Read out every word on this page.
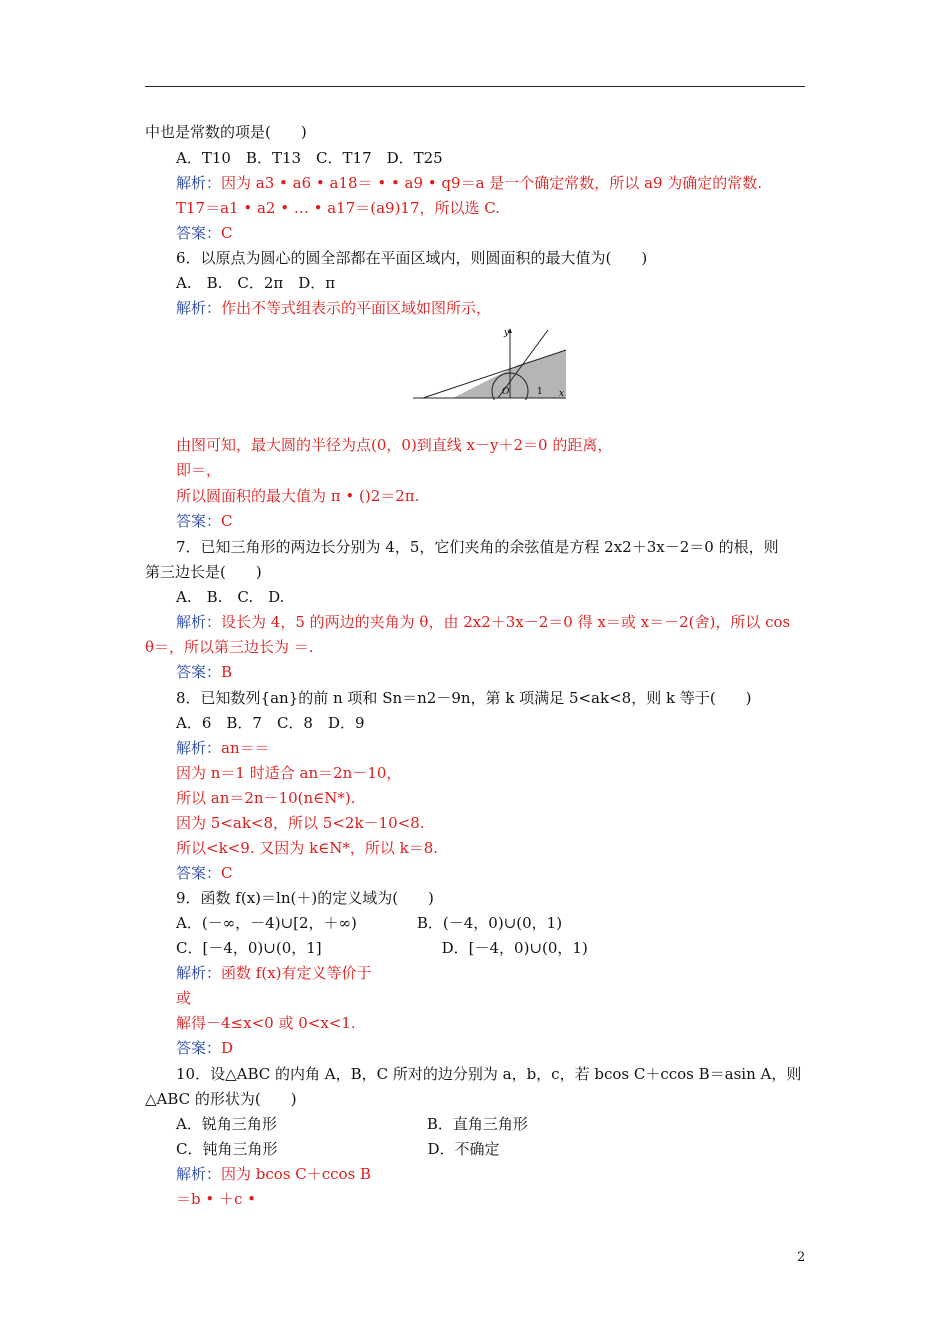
中也是常数的项是(　　)
A．T10　B．T13　C．T17　D．T25
解析：因为 a3 • a6 • a18＝ • • a9 • q9＝a 是一个确定常数，所以 a9 为确定的常数.
T17＝a1 • a2 • … • a17＝(a9)17，所以选 C.
答案：C
6．以原点为圆心的圆全部都在平面区域内，则圆面积的最大值为(　　)
A.　B.　C．2π　D．π
解析：作出不等式组表示的平面区域如图所示，
由图可知，最大圆的半径为点(0，0)到直线 x－y＋2＝0 的距离，
即＝，
所以圆面积的最大值为 π • ()2＝2π.
答案：C
7．已知三角形的两边长分别为 4，5，它们夹角的余弦值是方程 2x2＋3x－2＝0 的根，则
第三边长是(　　)
A.　B.　C.　D.
解析：设长为 4，5 的两边的夹角为 θ，由 2x2＋3x－2＝0 得 x＝或 x＝－2(舍)，所以 cos
θ＝，所以第三边长为 ＝.
答案：B
8．已知数列{an}的前 n 项和 Sn＝n2－9n，第 k 项满足 5<ak<8，则 k 等于(　　)
A．6　B．7　C．8　D．9
解析：an＝＝
因为 n＝1 时适合 an＝2n－10，
所以 an＝2n－10(n∈N*).
因为 5<ak<8，所以 5<2k－10<8.
所以<k<9. 又因为 k∈N*，所以 k＝8.
答案：C
9．函数 f(x)＝ln(＋)的定义域为(　　)
A．(－∞，－4)∪[2，＋∞)　　　　B．(－4，0)∪(0，1)
C．[－4，0)∪(0，1]　　　　　　　　D．[－4，0)∪(0，1)
解析：函数 f(x)有定义等价于
或
解得－4≤x<0 或 0<x<1.
答案：D
10．设△ABC 的内角 A，B，C 所对的边分别为 a，b，c，若 bcos C＋ccos B＝asin A，则
△ABC 的形状为(　　)
A．锐角三角形　　　　　　　　　　B．直角三角形
C．钝角三角形　　　　　　　　　　D．不确定
解析：因为 bcos C＋ccos B
＝b • ＋c •
y
x
O	1
2
